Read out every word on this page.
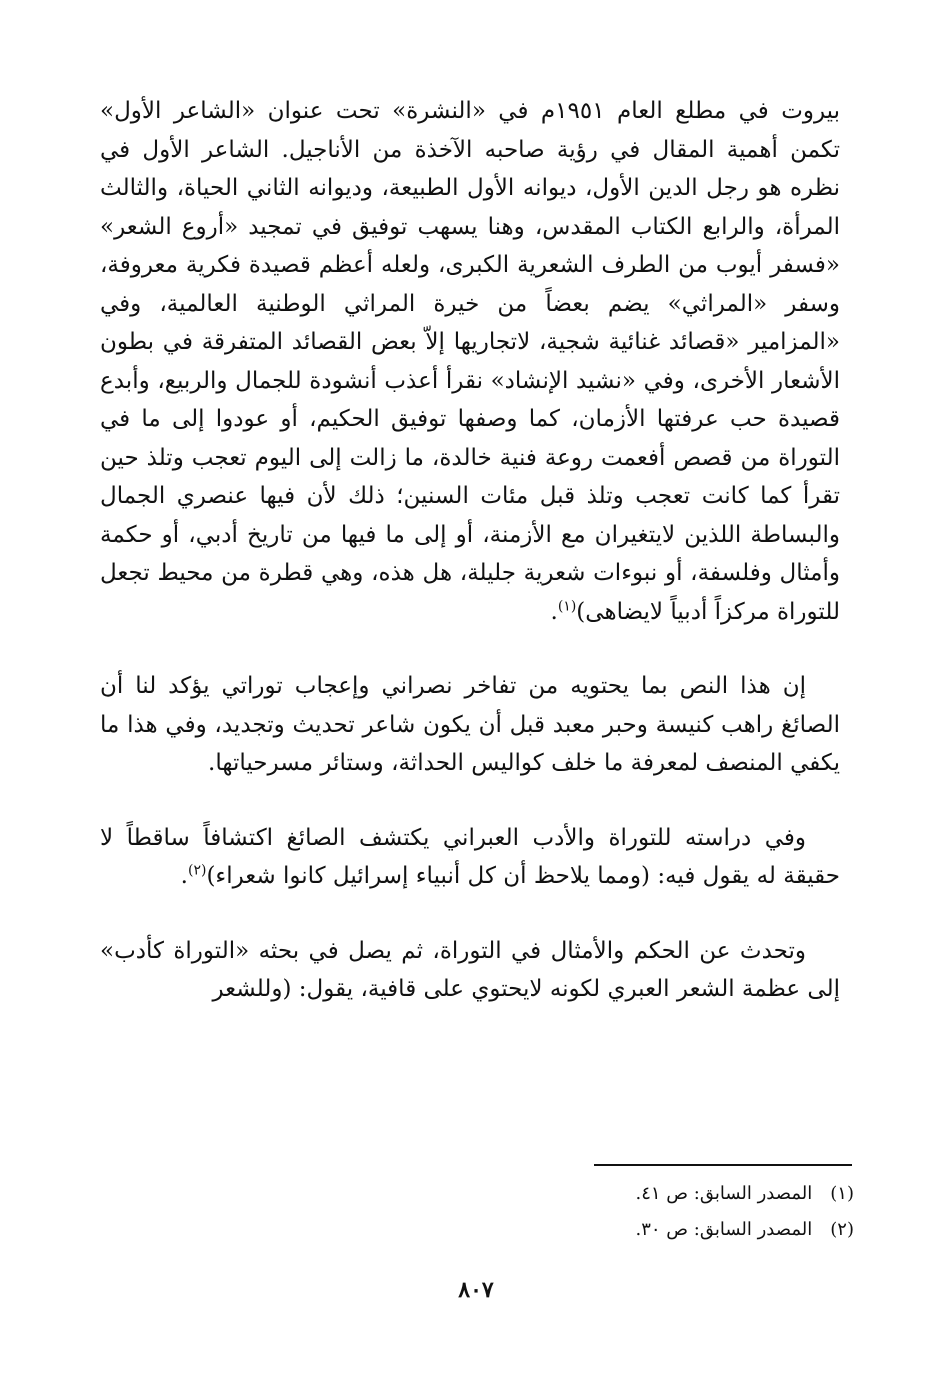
بيروت في مطلع العام ١٩٥١م في «النشرة» تحت عنوان «الشاعر الأول» تكمن أهمية المقال في رؤية صاحبه الآخذة من الأناجيل. الشاعر الأول في نظره هو رجل الدين الأول، ديوانه الأول الطبيعة، وديوانه الثاني الحياة، والثالث المرأة، والرابع الكتاب المقدس، وهنا يسهب توفيق في تمجيد «أروع الشعر» «فسفر أيوب من الطرف الشعرية الكبرى، ولعله أعظم قصيدة فكرية معروفة، وسفر «المراثي» يضم بعضاً من خيرة المراثي الوطنية العالمية، وفي «المزامير «قصائد غنائية شجية، لاتجاريها إلاّ بعض القصائد المتفرقة في بطون الأشعار الأخرى، وفي «نشيد الإنشاد» نقرأ أعذب أنشودة للجمال والربيع، وأبدع قصيدة حب عرفتها الأزمان، كما وصفها توفيق الحكيم، أو عودوا إلى ما في التوراة من قصص أفعمت روعة فنية خالدة، ما زالت إلى اليوم تعجب وتلذ حين تقرأ كما كانت تعجب وتلذ قبل مئات السنين؛ ذلك لأن فيها عنصري الجمال والبساطة اللذين لايتغيران مع الأزمنة، أو إلى ما فيها من تاريخ أدبي، أو حكمة وأمثال وفلسفة، أو نبوءات شعرية جليلة، هل هذه، وهي قطرة من محيط تجعل للتوراة مركزاً أدبياً لايضاهى)$^{(١)}$.

إن هذا النص بما يحتويه من تفاخر نصراني وإعجاب توراتي يؤكد لنا أن الصائغ راهب كنيسة وحبر معبد قبل أن يكون شاعر تحديث وتجديد، وفي هذا ما يكفي المنصف لمعرفة ما خلف كواليس الحداثة، وستائر مسرحياتها.

وفي دراسته للتوراة والأدب العبراني يكتشف الصائغ اكتشافاً ساقطاً لا حقيقة له يقول فيه: (ومما يلاحظ أن كل أنبياء إسرائيل كانوا شعراء)$^{(٢)}$.

وتحدث عن الحكم والأمثال في التوراة، ثم يصل في بحثه «التوراة كأدب» إلى عظمة الشعر العبري لكونه لايحتوي على قافية، يقول: (وللشعر

(١)المصدر السابق: ص ٤١.

(٢)المصدر السابق: ص ٣٠.

٨٠٧
